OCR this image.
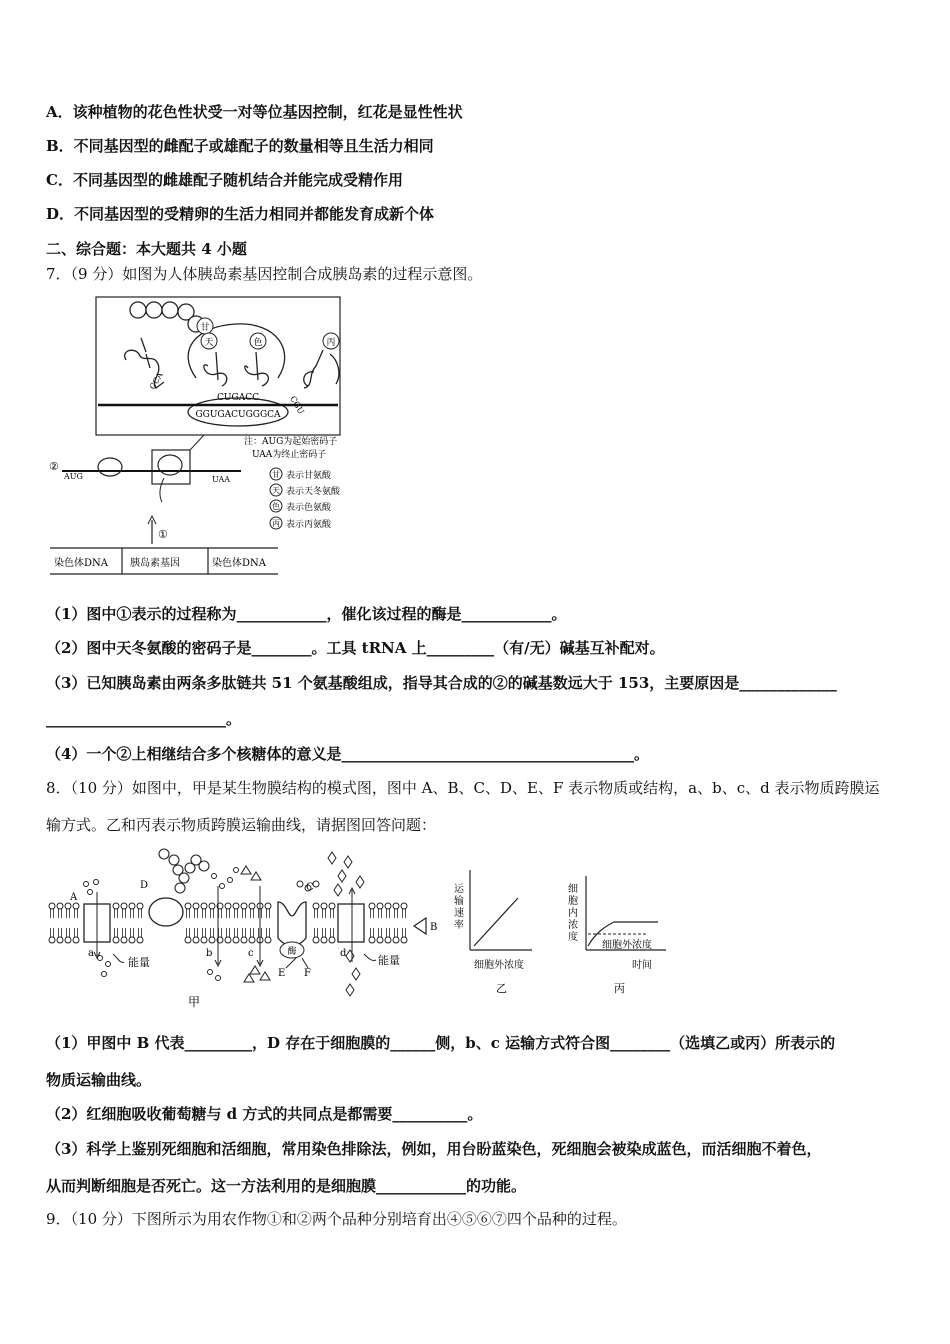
A．该种植物的花色性状受一对等位基因控制，红花是显性性状
B．不同基因型的雌配子或雄配子的数量相等且生活力相同
C．不同基因型的雌雄配子随机结合并能完成受精作用
D．不同基因型的受精卵的生活力相同并都能发育成新个体
二、综合题：本大题共 4 小题
7．（9 分）如图为人体胰岛素基因控制合成胰岛素的过程示意图。
甘
天	色	丙
CCA
CGU
CUGACC
GGUGACUGGGCA
②
AUG	UAA
①
注：AUG为起始密码子
UAA为终止密码子
甘 表示甘氨酸
天 表示天冬氨酸
色 表示色氨酸
丙 表示丙氨酸
染色体DNA 胰岛素基因	染色体DNA
（1）图中①表示的过程称为____________，催化该过程的酶是____________。
（2）图中天冬氨酸的密码子是________。工具 tRNA 上_________（有/无）碱基互补配对。
（3）已知胰岛素由两条多肽链共 51 个氨基酸组成，指导其合成的②的碱基数远大于 153，主要原因是_____________
________________________。
（4）一个②上相继结合多个核糖体的意义是_______________________________________。
8．（10 分）如图中，甲是某生物膜结构的模式图，图中 A、B、C、D、E、F 表示物质或结构，a、b、c、d 表示物质跨膜运
输方式。乙和丙表示物质跨膜运输曲线，请据图回答问题：
酶
A
D	C
B
E F
a	b	c	d
能量	能量
甲
运
输
速
率
细胞外浓度
乙
细
胞
内
浓
度
细胞外浓度
时间
丙
（1）甲图中 B 代表_________，D 存在于细胞膜的______侧，b、c 运输方式符合图________（选填乙或丙）所表示的
物质运输曲线。
（2）红细胞吸收葡萄糖与 d 方式的共同点是都需要__________。
（3）科学上鉴别死细胞和活细胞，常用染色排除法，例如，用台盼蓝染色，死细胞会被染成蓝色，而活细胞不着色，
从而判断细胞是否死亡。这一方法利用的是细胞膜____________的功能。
9．（10 分）下图所示为用农作物①和②两个品种分别培育出④⑤⑥⑦四个品种的过程。
